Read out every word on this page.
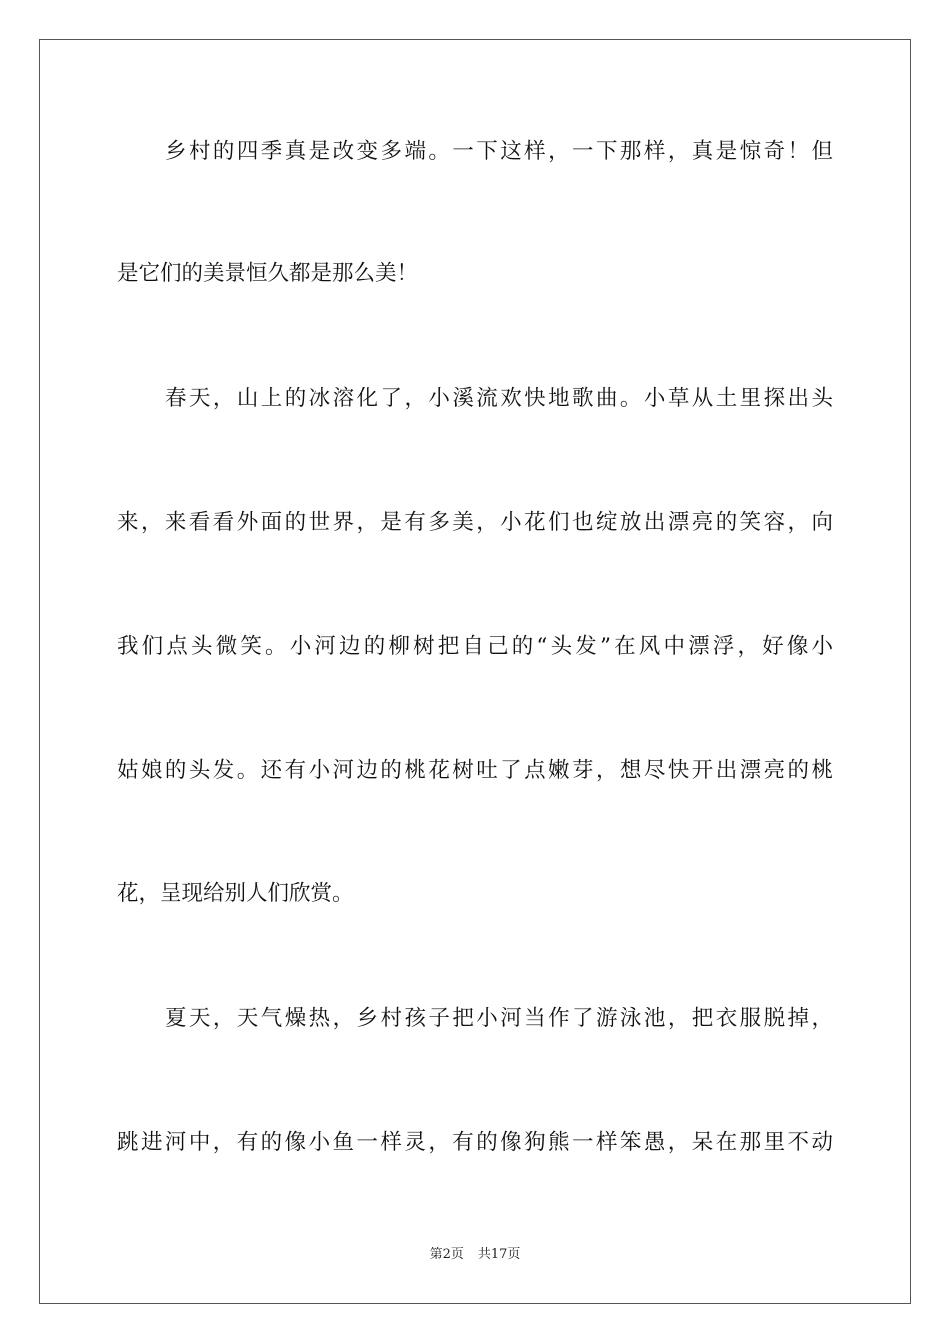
乡村的四季真是改变多端。一下这样，一下那样，真是惊奇！但
是它们的美景恒久都是那么美！
春天，山上的冰溶化了，小溪流欢快地歌曲。小草从土里探出头
来，来看看外面的世界，是有多美，小花们也绽放出漂亮的笑容，向
我们点头微笑。小河边的柳树把自己的“头发”在风中漂浮，好像小
姑娘的头发。还有小河边的桃花树吐了点嫩芽，想尽快开出漂亮的桃
花，呈现给别人们欣赏。
夏天，天气燥热，乡村孩子把小河当作了游泳池，把衣服脱掉，
跳进河中，有的像小鱼一样灵，有的像狗熊一样笨愚，呆在那里不动
第2页 共17页
